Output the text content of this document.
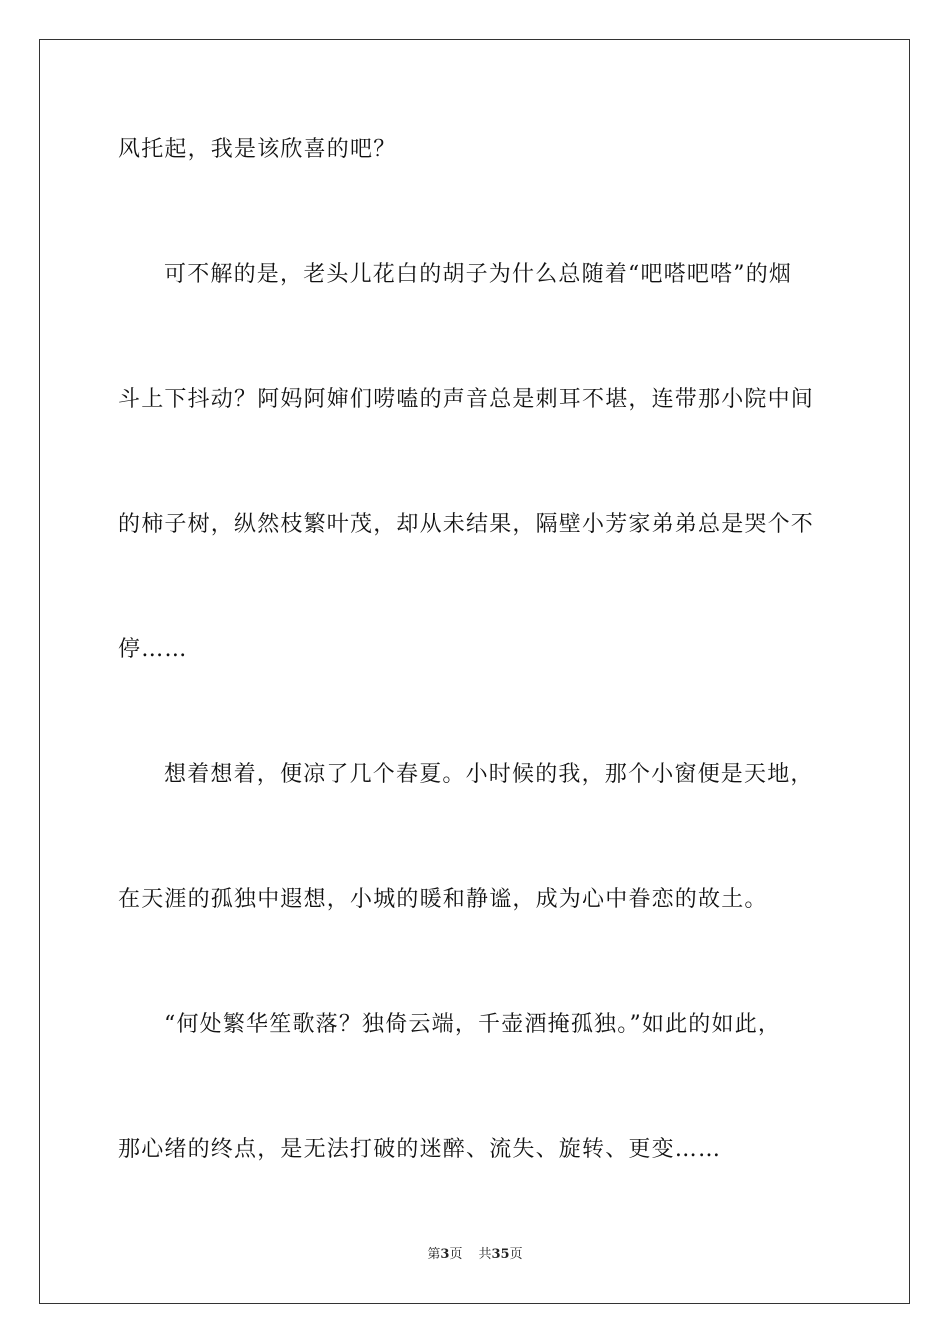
风托起，我是该欣喜的吧？
可不解的是，老头儿花白的胡子为什么总随着“吧嗒吧嗒”的烟
斗上下抖动？阿妈阿婶们唠嗑的声音总是刺耳不堪，连带那小院中间
的柿子树，纵然枝繁叶茂，却从未结果，隔壁小芳家弟弟总是哭个不
停……
想着想着，便凉了几个春夏。小时候的我，那个小窗便是天地，
在天涯的孤独中遐想，小城的暖和静谧，成为心中眷恋的故土。
“何处繁华笙歌落？独倚云端，千壶酒掩孤独。”如此的如此，
那心绪的终点，是无法打破的迷醉、流失、旋转、更变……
第3页 共35页
